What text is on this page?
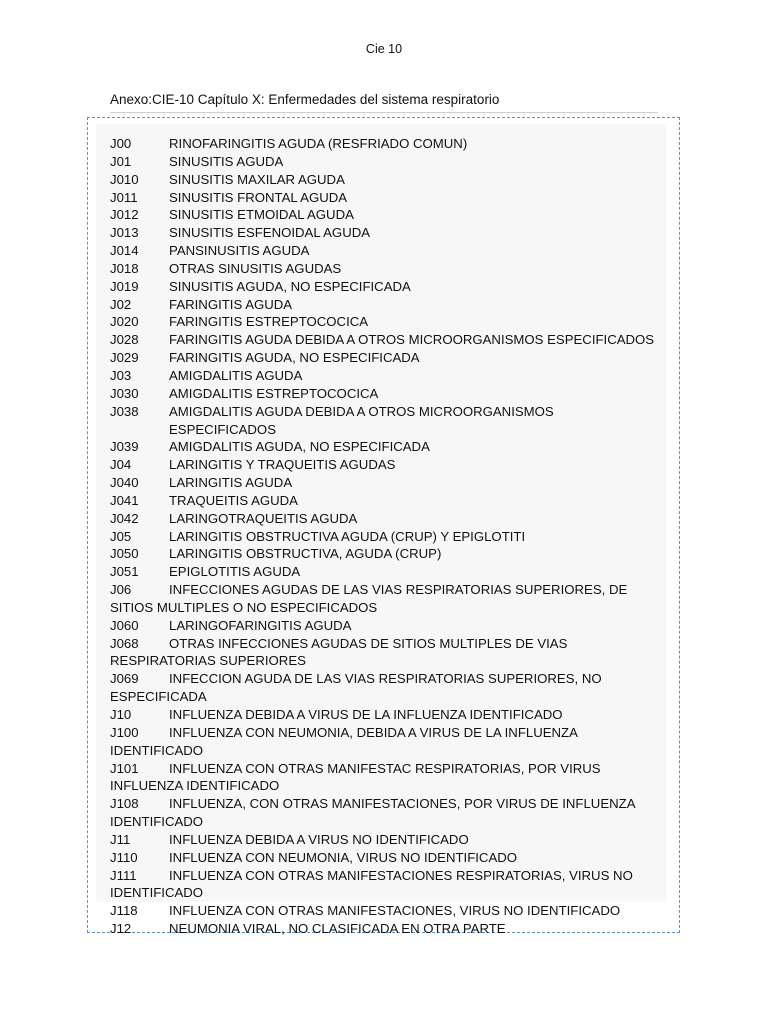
Cie 10
Anexo:CIE-10 Capítulo X: Enfermedades del sistema respiratorio
J00	RINOFARINGITIS AGUDA (RESFRIADO COMUN)
J01	SINUSITIS AGUDA
J010 SINUSITIS MAXILAR AGUDA
J011 SINUSITIS FRONTAL AGUDA
J012 SINUSITIS ETMOIDAL AGUDA
J013 SINUSITIS ESFENOIDAL AGUDA
J014 PANSINUSITIS AGUDA
J018 OTRAS SINUSITIS AGUDAS
J019 SINUSITIS AGUDA, NO ESPECIFICADA
J02	FARINGITIS AGUDA
J020 FARINGITIS ESTREPTOCOCICA
J028 FARINGITIS AGUDA DEBIDA A OTROS MICROORGANISMOS ESPECIFICADOS
J029 FARINGITIS AGUDA, NO ESPECIFICADA
J03	AMIGDALITIS AGUDA
J030 AMIGDALITIS ESTREPTOCOCICA
J038 AMIGDALITIS AGUDA DEBIDA A OTROS MICROORGANISMOS ESPECIFICADOS
J039 AMIGDALITIS AGUDA, NO ESPECIFICADA
J04	LARINGITIS Y TRAQUEITIS AGUDAS
J040 LARINGITIS AGUDA
J041 TRAQUEITIS AGUDA
J042 LARINGOTRAQUEITIS AGUDA
J05	LARINGITIS OBSTRUCTIVA AGUDA (CRUP) Y EPIGLOTITI
J050 LARINGITIS OBSTRUCTIVA, AGUDA (CRUP)
J051 EPIGLOTITIS AGUDA
J06	INFECCIONES AGUDAS DE LAS VIAS RESPIRATORIAS SUPERIORES, DE SITIOS MULTIPLES O NO ESPECIFICADOS
J060 LARINGOFARINGITIS AGUDA
J068 OTRAS INFECCIONES AGUDAS DE SITIOS MULTIPLES DE VIAS RESPIRATORIAS SUPERIORES
J069 INFECCION AGUDA DE LAS VIAS RESPIRATORIAS SUPERIORES, NO ESPECIFICADA
J10	INFLUENZA DEBIDA A VIRUS DE LA INFLUENZA IDENTIFICADO
J100 INFLUENZA CON NEUMONIA, DEBIDA A VIRUS DE LA INFLUENZA IDENTIFICADO
J101 INFLUENZA CON OTRAS MANIFESTAC RESPIRATORIAS, POR VIRUS INFLUENZA IDENTIFICADO
J108 INFLUENZA, CON OTRAS MANIFESTACIONES, POR VIRUS DE INFLUENZA IDENTIFICADO
J11	INFLUENZA DEBIDA A VIRUS NO IDENTIFICADO
J110 INFLUENZA CON NEUMONIA, VIRUS NO IDENTIFICADO
J111 INFLUENZA CON OTRAS MANIFESTACIONES RESPIRATORIAS, VIRUS NO IDENTIFICADO
J118 INFLUENZA CON OTRAS MANIFESTACIONES, VIRUS NO IDENTIFICADO
J12	NEUMONIA VIRAL, NO CLASIFICADA EN OTRA PARTE
